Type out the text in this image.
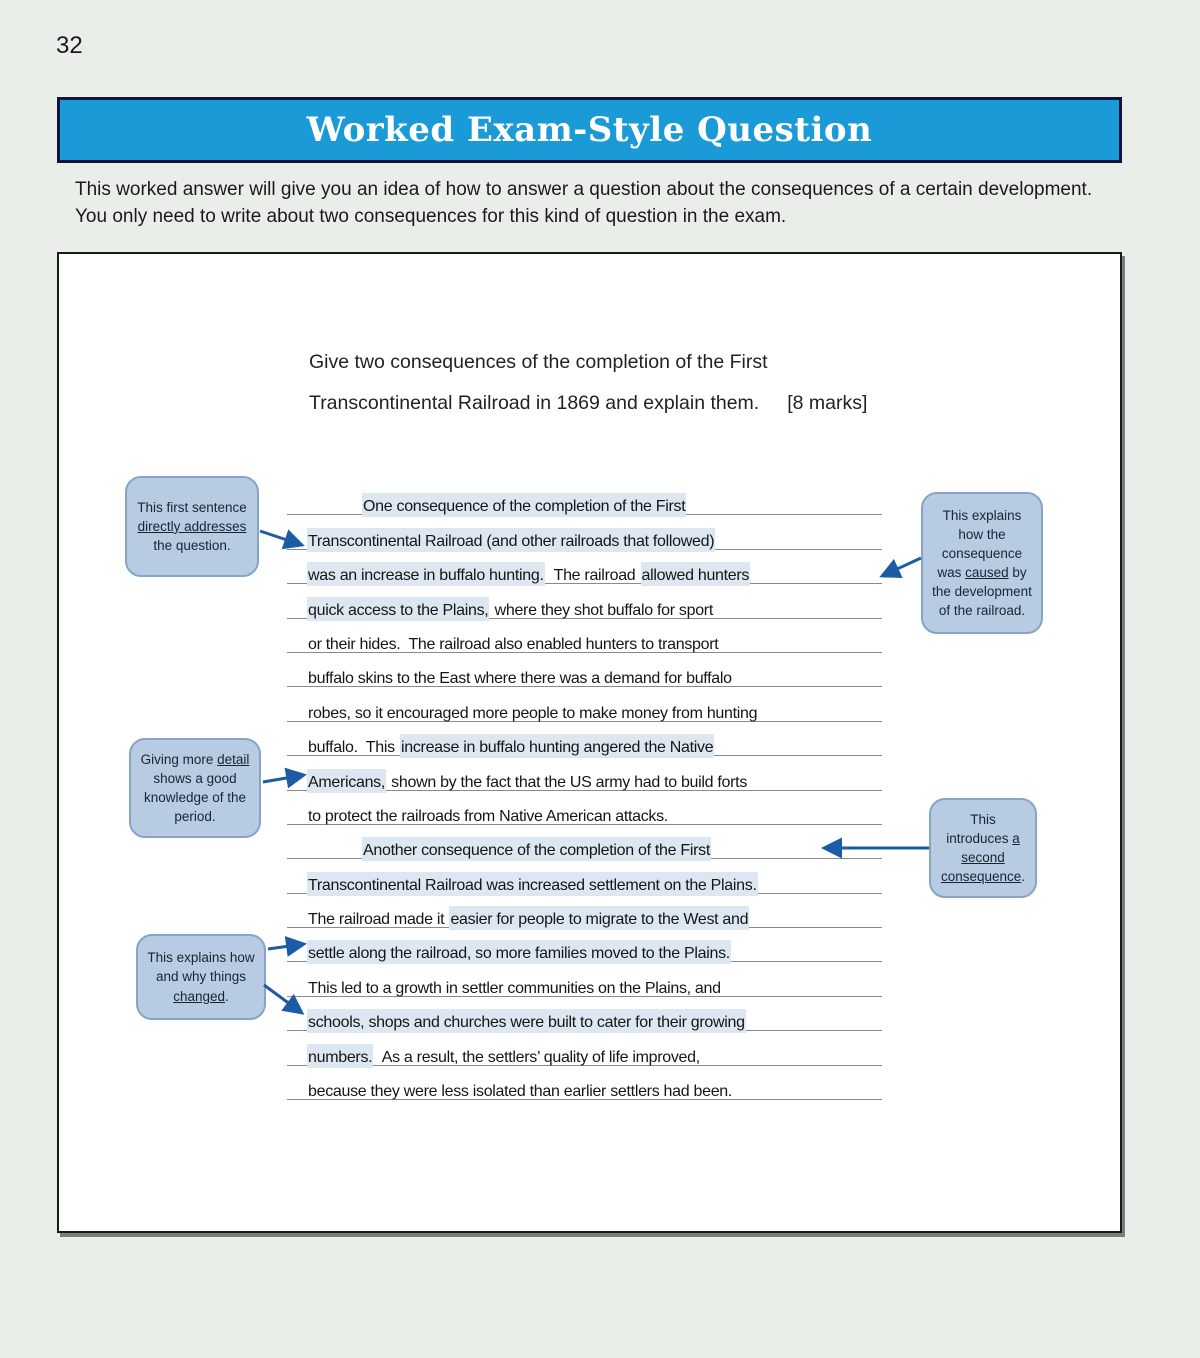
32
Worked Exam-Style Question

This worked answer will give you an idea of how to answer a question about the consequences of a certain development.  You only need to write about two consequences for this kind of question in the exam.

Give two consequences of the completion of the First
Transcontinental Railroad in 1869 and explain them. [8 marks]
One consequence of the completion of the First
Transcontinental Railroad (and other railroads that followed)
was an increase in buffalo hunting.  The railroad allowed hunters
quick access to the Plains, where they shot buffalo for sport
or their hides.  The railroad also enabled hunters to transport
buffalo skins to the East where there was a demand for buffalo
robes, so it encouraged more people to make money from hunting
buffalo.  This increase in buffalo hunting angered the Native
Americans, shown by the fact that the US army had to build forts
to protect the railroads from Native American attacks.
Another consequence of the completion of the First
Transcontinental Railroad was increased settlement on the Plains.
The railroad made it easier for people to migrate to the West and
settle along the railroad, so more families moved to the Plains.
This led to a growth in settler communities on the Plains, and
schools, shops and churches were built to cater for their growing
numbers.  As a result, the settlers’ quality of life improved,
because they were less isolated than earlier settlers had been.
This first sentence directly addresses the question.
This explains how the consequence was caused by the development of the railroad.
Giving more detail shows a good knowledge of the period.	This introduces a second consequence.
This explains how and why things changed.
